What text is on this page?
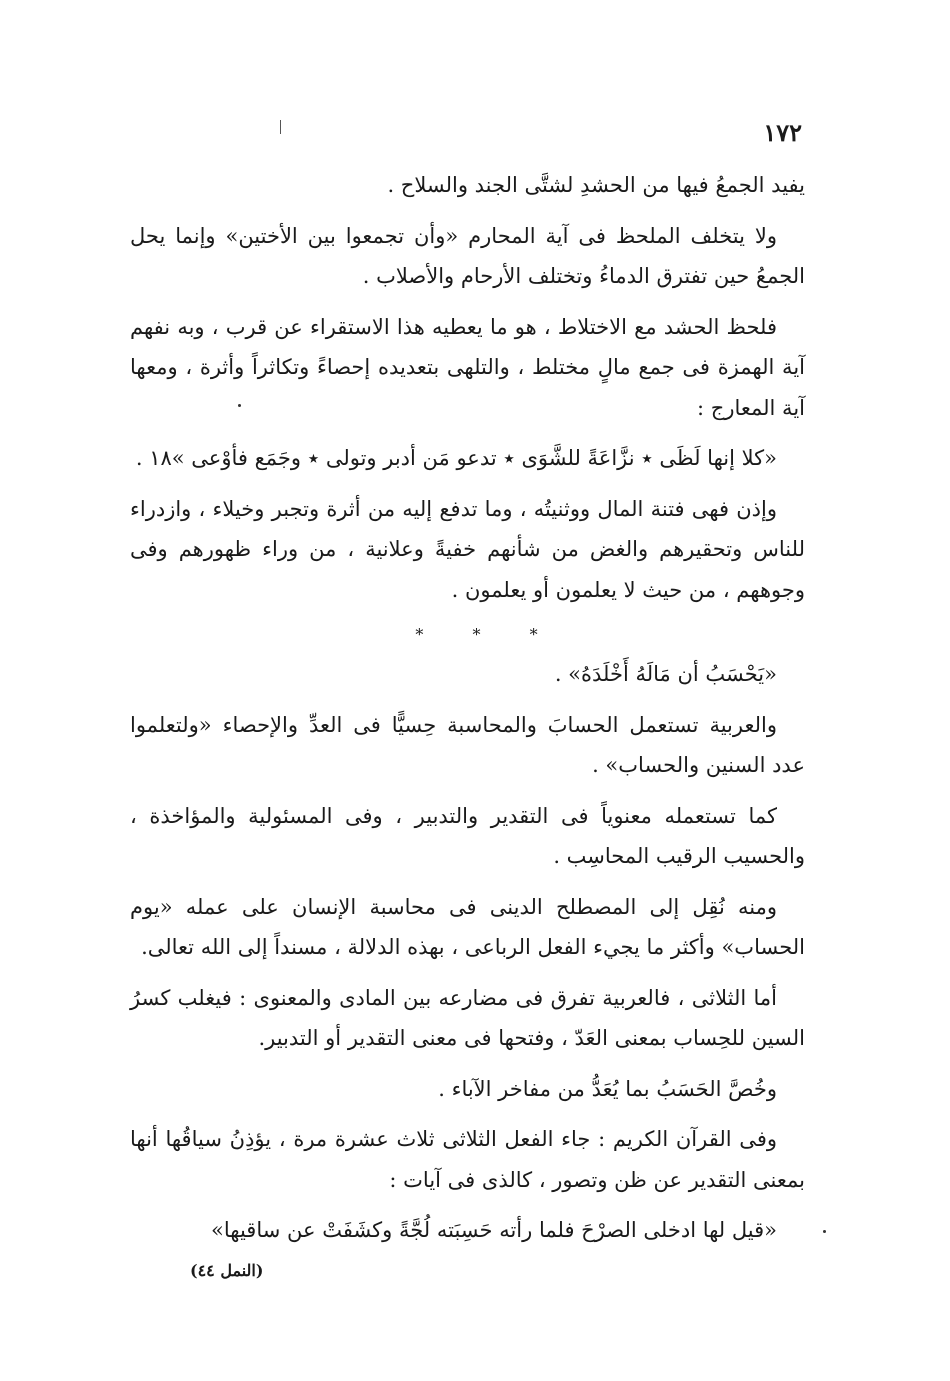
١٧٢

يفيد الجمعُ فيها من الحشدِ لشتَّى الجند والسلاح .

ولا يتخلف الملحظ فى آية المحارم «وأن تجمعوا بين الأختين» وإنما يحل الجمعُ حين تفترق الدماءُ وتختلف الأرحام والأصلاب .

فلحظ الحشد مع الاختلاط ، هو ما يعطيه هذا الاستقراء عن قرب ، وبه نفهم آية الهمزة فى جمع مالٍ مختلط ، والتلهى بتعديده إحصاءً وتكاثراً وأثرة ، ومعها آية المعارج :

«كلا إنها لَظَى ‏٭ نزَّاعَةً للشَّوَى ‏٭ تدعو مَن أدبر وتولى ‏٭ وجَمَع فأوْعى »١٨ .

وإذن فهى فتنة المال ووثنيتُه ، وما تدفع إليه من أثرة وتجبر وخيلاء ، وازدراء للناس وتحقيرهم والغض من شأنهم خفيةً وعلانية ، من وراء ظهورهم وفى وجوههم ، من حيث لا يعلمون أو يعلمون .

* * *

«يَحْسَبُ أن مَالَهُ أَخْلَدَهُ» .

والعربية تستعمل الحسابَ والمحاسبة حِسيًّا فى العدِّ والإحصاء «ولتعلموا عدد السنين والحساب» .

كما تستعمله معنوياً فى التقدير والتدبير ، وفى المسئولية والمؤاخذة ، والحسيب الرقيب المحاسِب .

ومنه نُقِل إلى المصطلح الدينى فى محاسبة الإنسان على عمله «يوم الحساب» وأكثر ما يجيء الفعل الرباعى ، بهذه الدلالة ، مسنداً إلى الله تعالى.

أما الثلاثى ، فالعربية تفرق فى مضارعه بين المادى والمعنوى : فيغلب كسرُ السين للحِساب بمعنى العَدّ ، وفتحها فى معنى التقدير أو التدبير.

وخُصَّ الحَسَبُ بما يُعَدُّ من مفاخر الآباء .

وفى القرآن الكريم : جاء الفعل الثلاثى ثلاث عشرة مرة ، يؤذِنُ سياقُها أنها بمعنى التقدير عن ظن وتصور ، كالذى فى آيات :

«قيل لها ادخلى الصرْحَ فلما رأته حَسِبَته لُجَّةً وكشَفَتْ عن ساقيها»

(النمل ٤٤)
